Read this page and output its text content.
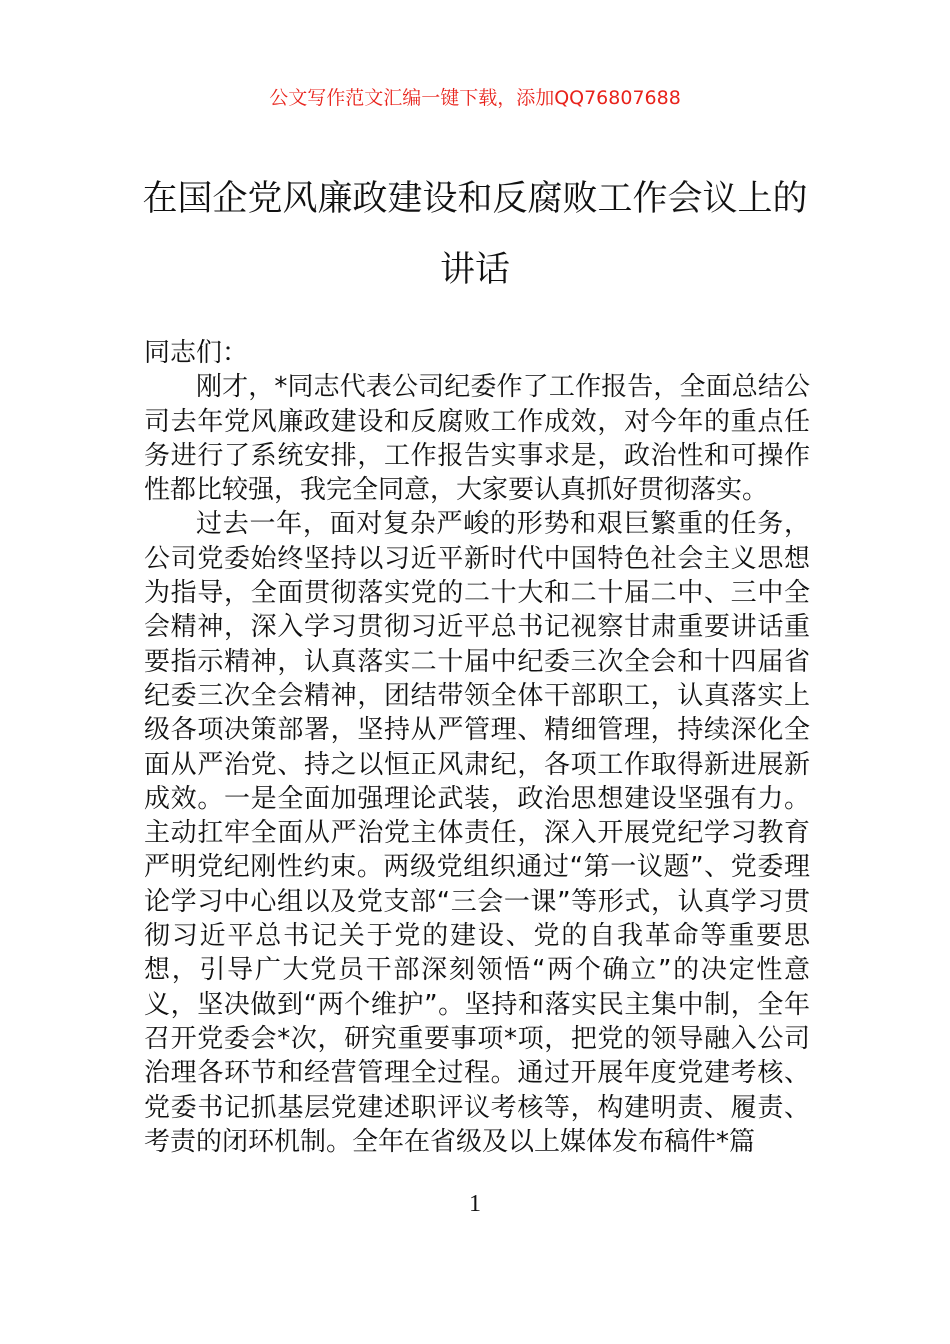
公文写作范文汇编一键下载，添加QQ76807688
在国企党风廉政建设和反腐败工作会议上的讲话

同志们：

刚才，*同志代表公司纪委作了工作报告，全面总结公司去年党风廉政建设和反腐败工作成效，对今年的重点任务进行了系统安排，工作报告实事求是，政治性和可操作性都比较强，我完全同意，大家要认真抓好贯彻落实。

过去一年，面对复杂严峻的形势和艰巨繁重的任务，公司党委始终坚持以习近平新时代中国特色社会主义思想为指导，全面贯彻落实党的二十大和二十届二中、三中全会精神，深入学习贯彻习近平总书记视察甘肃重要讲话重要指示精神，认真落实二十届中纪委三次全会和十四届省纪委三次全会精神，团结带领全体干部职工，认真落实上级各项决策部署，坚持从严管理、精细管理，持续深化全面从严治党、持之以恒正风肃纪，各项工作取得新进展新成效。一是全面加强理论武装，政治思想建设坚强有力。主动扛牢全面从严治党主体责任，深入开展党纪学习教育严明党纪刚性约束。两级党组织通过“第一议题”、党委理论学习中心组以及党支部“三会一课”等形式，认真学习贯彻习近平总书记关于党的建设、党的自我革命等重要思想，引导广大党员干部深刻领悟“两个确立”的决定性意义，坚决做到“两个维护”。坚持和落实民主集中制，全年召开党委会*次，研究重要事项*项，把党的领导融入公司治理各环节和经营管理全过程。通过开展年度党建考核、党委书记抓基层党建述职评议考核等，构建明责、履责、考责的闭环机制。全年在省级及以上媒体发布稿件*篇

1
